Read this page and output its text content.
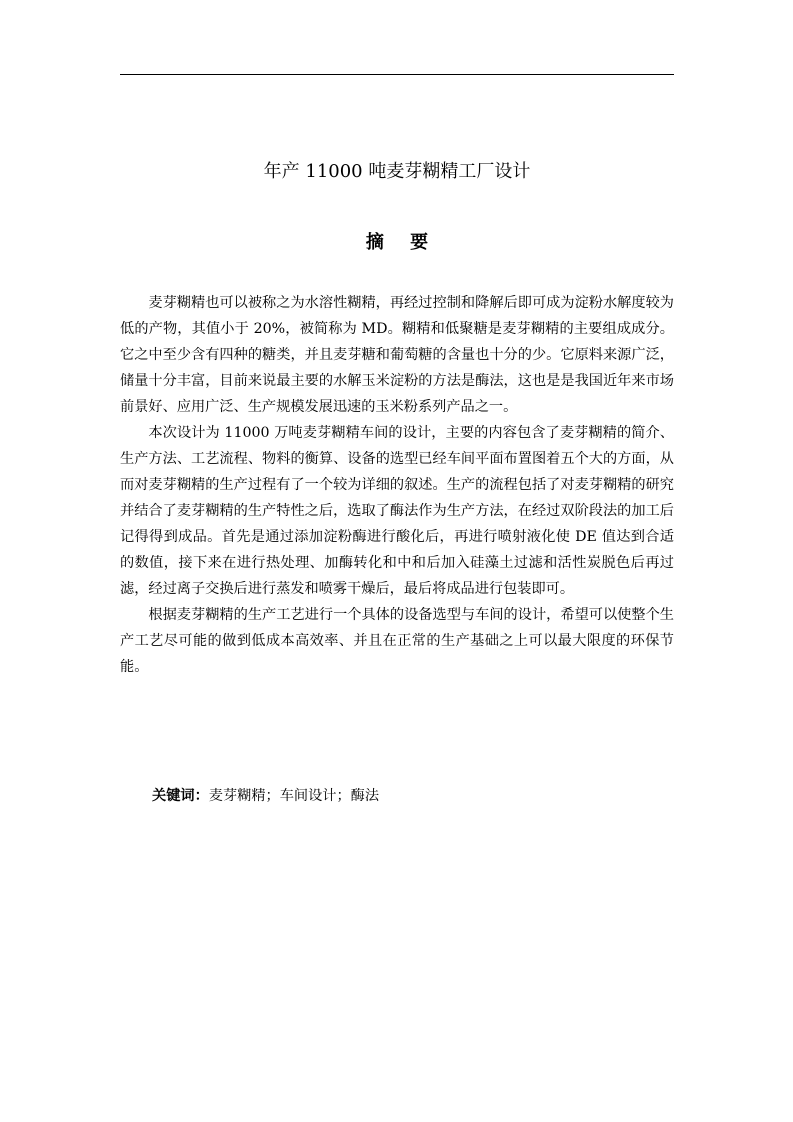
年产 11000 吨麦芽糊精工厂设计
摘 要

麦芽糊精也可以被称之为水溶性糊精，再经过控制和降解后即可成为淀粉水解度较为低的产物，其值小于 20%，被简称为 MD。糊精和低聚糖是麦芽糊精的主要组成成分。它之中至少含有四种的糖类，并且麦芽糖和葡萄糖的含量也十分的少。它原料来源广泛，储量十分丰富，目前来说最主要的水解玉米淀粉的方法是酶法，这也是是我国近年来市场前景好、应用广泛、生产规模发展迅速的玉米粉系列产品之一。

本次设计为 11000 万吨麦芽糊精车间的设计，主要的内容包含了麦芽糊精的简介、生产方法、工艺流程、物料的衡算、设备的选型已经车间平面布置图着五个大的方面，从而对麦芽糊精的生产过程有了一个较为详细的叙述。生产的流程包括了对麦芽糊精的研究并结合了麦芽糊精的生产特性之后，选取了酶法作为生产方法，在经过双阶段法的加工后记得得到成品。首先是通过添加淀粉酶进行酸化后，再进行喷射液化使 DE 值达到合适的数值，接下来在进行热处理、加酶转化和中和后加入硅藻土过滤和活性炭脱色后再过滤，经过离子交换后进行蒸发和喷雾干燥后，最后将成品进行包装即可。

根据麦芽糊精的生产工艺进行一个具体的设备选型与车间的设计，希望可以使整个生产工艺尽可能的做到低成本高效率、并且在正常的生产基础之上可以最大限度的环保节能。

关键词：麦芽糊精；车间设计；酶法
